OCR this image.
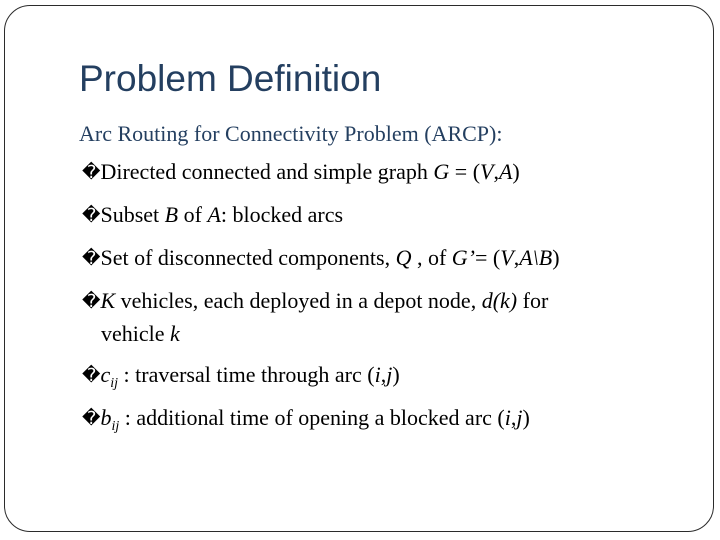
Problem Definition
Arc Routing for Connectivity Problem (ARCP):
�Directed connected and simple graph G = (V,A)
�Subset B of A: blocked arcs
�Set of disconnected components, Q , of G’= (V,A\B)
�K vehicles, each deployed in a depot node, d(k) for
vehicle k
$�c_{ij}$ : traversal time through arc (i,j)
$�b_{ij}$ : additional time of opening a blocked arc (i,j)
